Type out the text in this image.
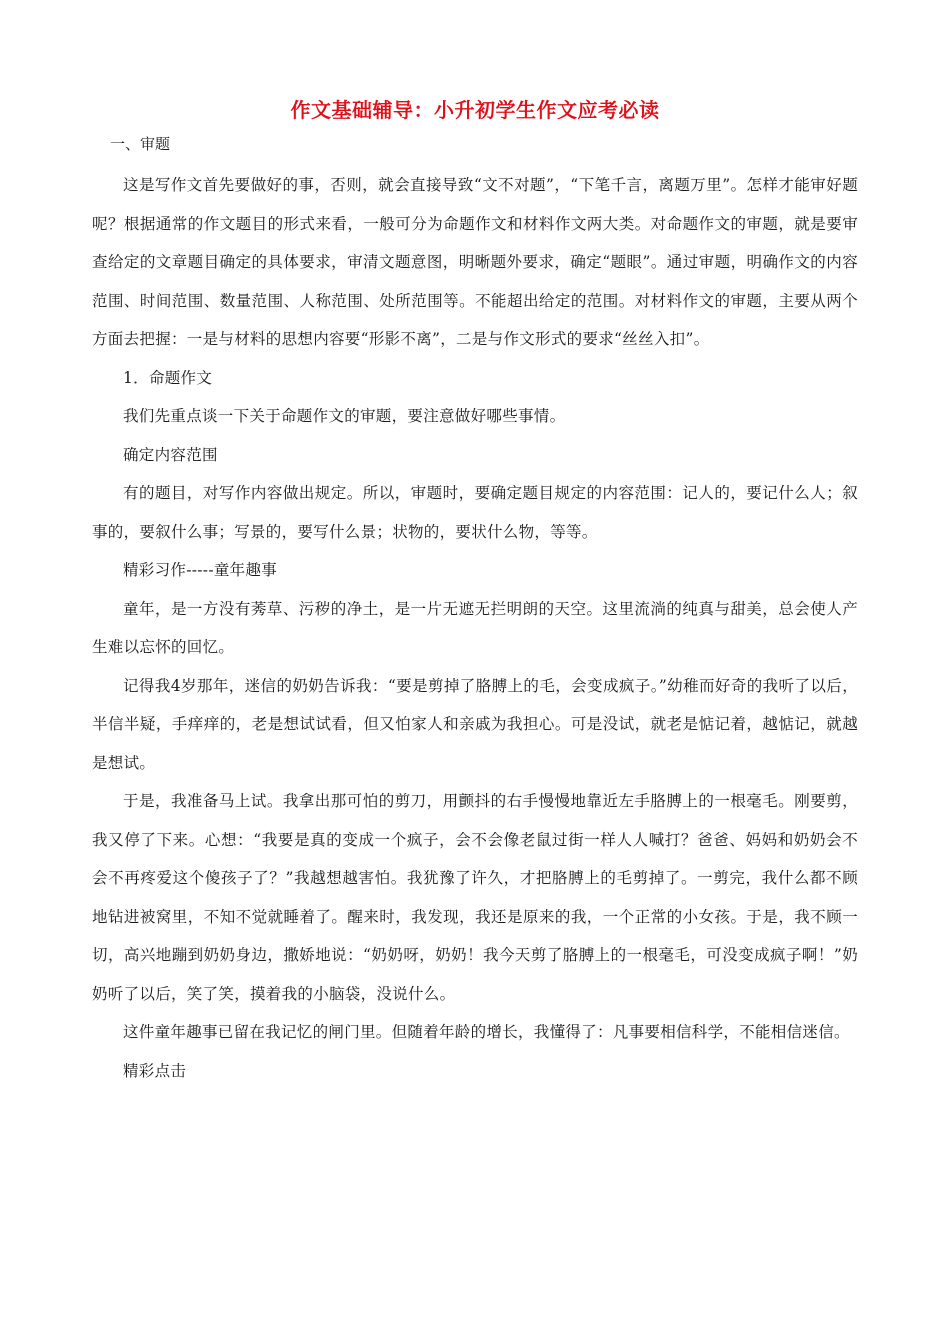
作文基础辅导：小升初学生作文应考必读
一、审题

这是写作文首先要做好的事，否则，就会直接导致“文不对题”，“下笔千言，离题万里”。怎样才能审好题呢？根据通常的作文题目的形式来看，一般可分为命题作文和材料作文两大类。对命题作文的审题，就是要审查给定的文章题目确定的具体要求，审清文题意图，明晰题外要求，确定“题眼”。通过审题，明确作文的内容范围、时间范围、数量范围、人称范围、处所范围等。不能超出给定的范围。对材料作文的审题，主要从两个方面去把握：一是与材料的思想内容要“形影不离”，二是与作文形式的要求“丝丝入扣”。

1．命题作文

我们先重点谈一下关于命题作文的审题，要注意做好哪些事情。

确定内容范围

有的题目，对写作内容做出规定。所以，审题时，要确定题目规定的内容范围：记人的，要记什么人；叙事的，要叙什么事；写景的，要写什么景；状物的，要状什么物，等等。

精彩习作-----童年趣事

童年，是一方没有莠草、污秽的净土，是一片无遮无拦明朗的天空。这里流淌的纯真与甜美，总会使人产生难以忘怀的回忆。

记得我4岁那年，迷信的奶奶告诉我：“要是剪掉了胳膊上的毛，会变成疯子。”幼稚而好奇的我听了以后，半信半疑，手痒痒的，老是想试试看，但又怕家人和亲戚为我担心。可是没试，就老是惦记着，越惦记，就越是想试。

于是，我准备马上试。我拿出那可怕的剪刀，用颤抖的右手慢慢地靠近左手胳膊上的一根毫毛。刚要剪，我又停了下来。心想：“我要是真的变成一个疯子，会不会像老鼠过街一样人人喊打？爸爸、妈妈和奶奶会不会不再疼爱这个傻孩子了？”我越想越害怕。我犹豫了许久，才把胳膊上的毛剪掉了。一剪完，我什么都不顾地钻进被窝里，不知不觉就睡着了。醒来时，我发现，我还是原来的我，一个正常的小女孩。于是，我不顾一切，高兴地蹦到奶奶身边，撒娇地说：“奶奶呀，奶奶！我今天剪了胳膊上的一根毫毛，可没变成疯子啊！”奶奶听了以后，笑了笑，摸着我的小脑袋，没说什么。

这件童年趣事已留在我记忆的闸门里。但随着年龄的增长，我懂得了：凡事要相信科学，不能相信迷信。

精彩点击
